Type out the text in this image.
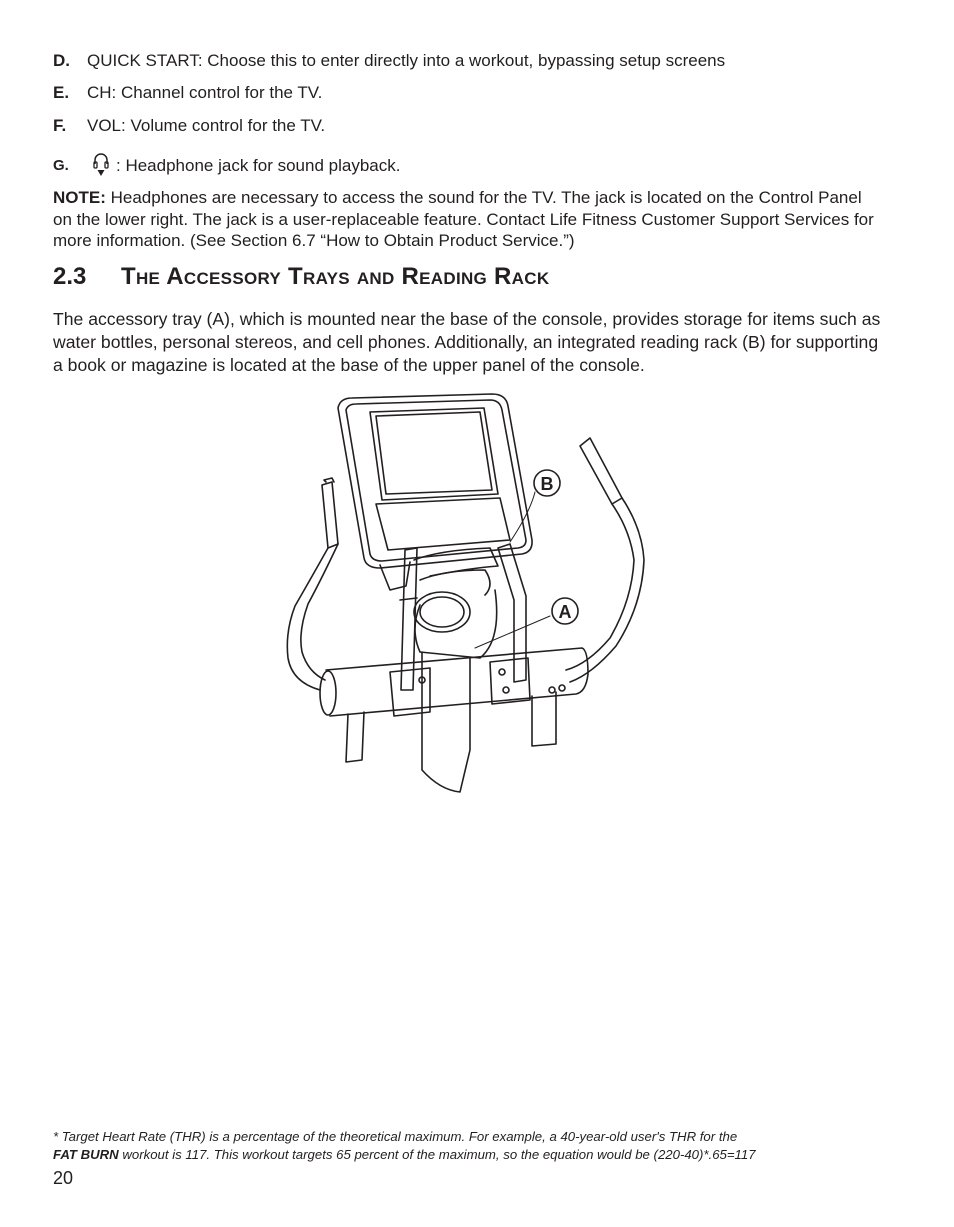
D. QUICK START: Choose this to enter directly into a workout, bypassing setup screens
E. CH: Channel control for the TV.
F. VOL: Volume control for the TV.
G.	: Headphone jack for sound playback.
NOTE: Headphones are necessary to access the sound for the TV. The jack is located on the Control Panel on the lower right. The jack is a user-replaceable feature. Contact Life Fitness Customer Support Services for more information. (See Section 6.7 “How to Obtain Product Service.”)
2.3 The Accessory Trays and Reading Rack
The accessory tray (A), which is mounted near the base of the console, provides storage for items such as water bottles, personal stereos, and cell phones. Additionally, an integrated reading rack (B) for supporting a book or magazine is located at the base of the upper panel of the console.
B
A
* Target Heart Rate (THR) is a percentage of the theoretical maximum. For example, a 40-year-old user's THR for the
FAT BURN workout is 117. This workout targets 65 percent of the maximum, so the equation would be (220-40)*.65=117
20
